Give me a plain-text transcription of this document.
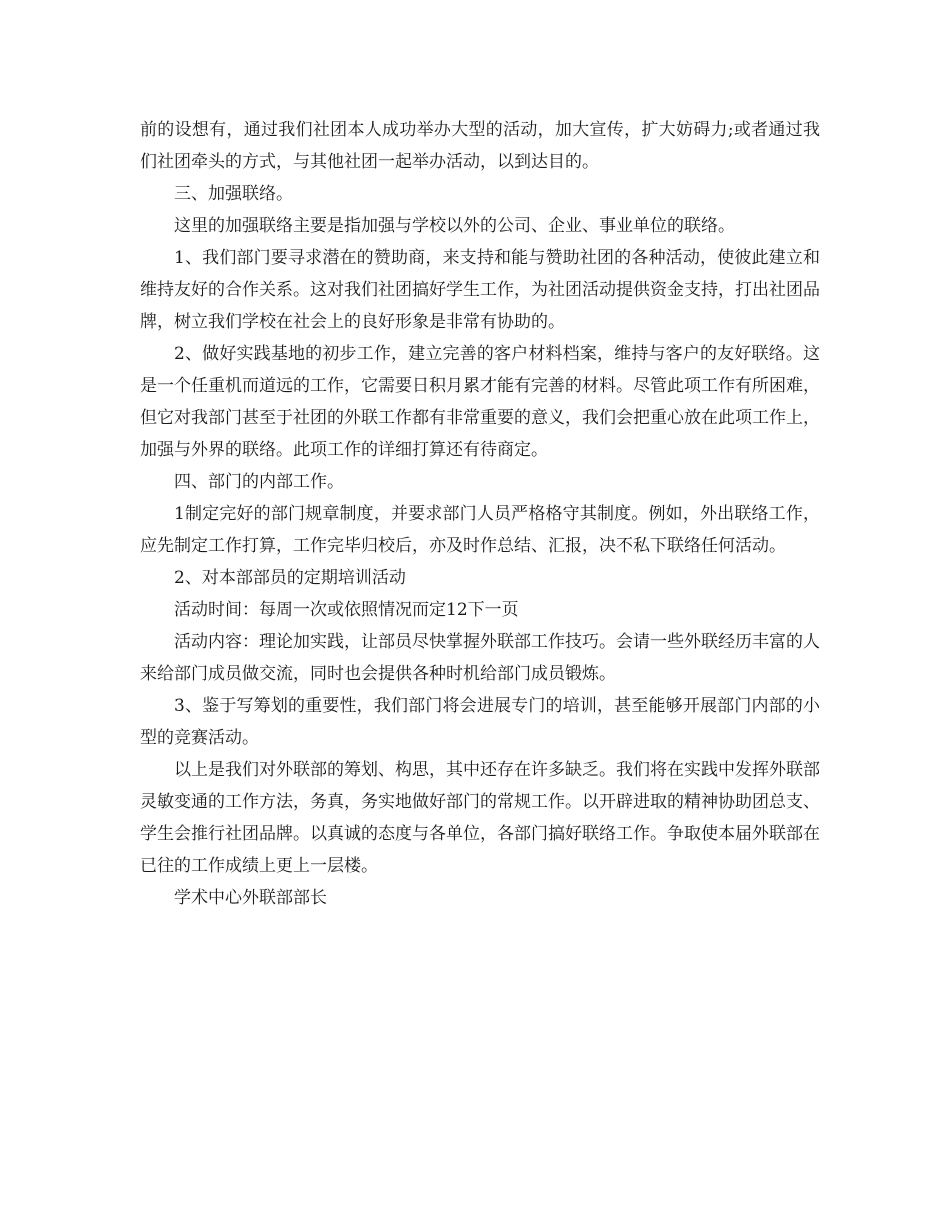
前的设想有，通过我们社团本人成功举办大型的活动，加大宣传，扩大妨碍力;或者通过我们社团牵头的方式，与其他社团一起举办活动，以到达目的。

三、加强联络。

这里的加强联络主要是指加强与学校以外的公司、企业、事业单位的联络。

1、我们部门要寻求潜在的赞助商，来支持和能与赞助社团的各种活动，使彼此建立和维持友好的合作关系。这对我们社团搞好学生工作，为社团活动提供资金支持，打出社团品牌，树立我们学校在社会上的良好形象是非常有协助的。

2、做好实践基地的初步工作，建立完善的客户材料档案，维持与客户的友好联络。这是一个任重机而道远的工作，它需要日积月累才能有完善的材料。尽管此项工作有所困难，但它对我部门甚至于社团的外联工作都有非常重要的意义，我们会把重心放在此项工作上，加强与外界的联络。此项工作的详细打算还有待商定。

四、部门的内部工作。

1制定完好的部门规章制度，并要求部门人员严格格守其制度。例如，外出联络工作，应先制定工作打算，工作完毕归校后，亦及时作总结、汇报，决不私下联络任何活动。

2、对本部部员的定期培训活动

活动时间：每周一次或依照情况而定12下一页

活动内容：理论加实践，让部员尽快掌握外联部工作技巧。会请一些外联经历丰富的人来给部门成员做交流，同时也会提供各种时机给部门成员锻炼。

3、鉴于写筹划的重要性，我们部门将会进展专门的培训，甚至能够开展部门内部的小型的竞赛活动。

以上是我们对外联部的筹划、构思，其中还存在许多缺乏。我们将在实践中发挥外联部灵敏变通的工作方法，务真，务实地做好部门的常规工作。以开辟进取的精神协助团总支、学生会推行社团品牌。以真诚的态度与各单位，各部门搞好联络工作。争取使本届外联部在已往的工作成绩上更上一层楼。

学术中心外联部部长
